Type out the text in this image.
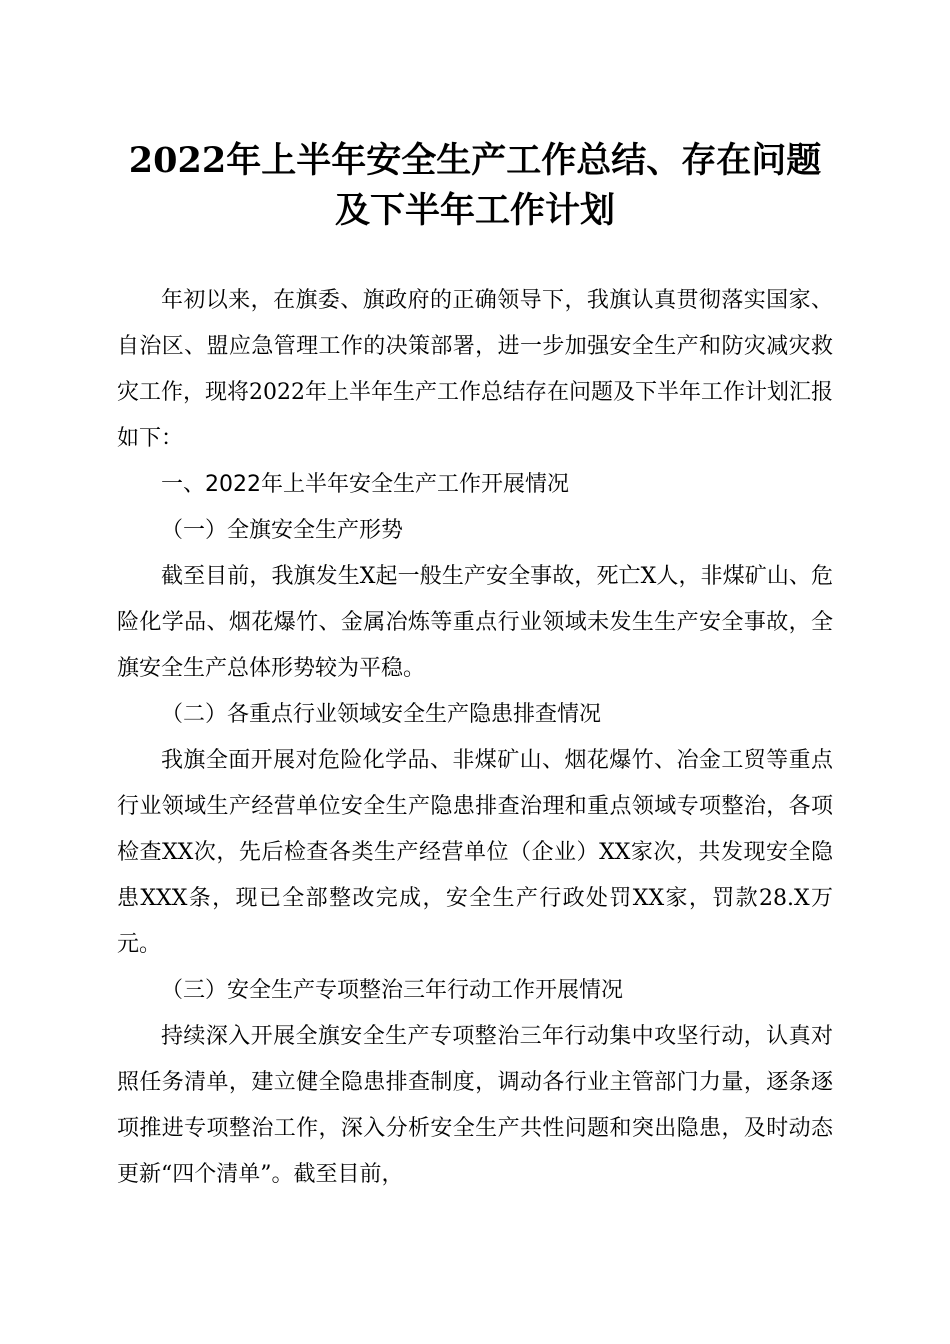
2022年上半年安全生产工作总结、存在问题
及下半年工作计划

年初以来，在旗委、旗政府的正确领导下，我旗认真贯彻落实国家、自治区、盟应急管理工作的决策部署，进一步加强安全生产和防灾减灾救灾工作，现将2022年上半年生产工作总结存在问题及下半年工作计划汇报如下：

一、2022年上半年安全生产工作开展情况

（一）全旗安全生产形势

截至目前，我旗发生X起一般生产安全事故，死亡X人，非煤矿山、危险化学品、烟花爆竹、金属冶炼等重点行业领域未发生生产安全事故，全旗安全生产总体形势较为平稳。

（二）各重点行业领域安全生产隐患排查情况

我旗全面开展对危险化学品、非煤矿山、烟花爆竹、冶金工贸等重点行业领域生产经营单位安全生产隐患排查治理和重点领域专项整治，各项检查XX次，先后检查各类生产经营单位（企业）XX家次，共发现安全隐患XXX条，现已全部整改完成，安全生产行政处罚XX家，罚款28.X万元。

（三）安全生产专项整治三年行动工作开展情况

持续深入开展全旗安全生产专项整治三年行动集中攻坚行动，认真对照任务清单，建立健全隐患排查制度，调动各行业主管部门力量，逐条逐项推进专项整治工作，深入分析安全生产共性问题和突出隐患，及时动态更新“四个清单”。截至目前，
